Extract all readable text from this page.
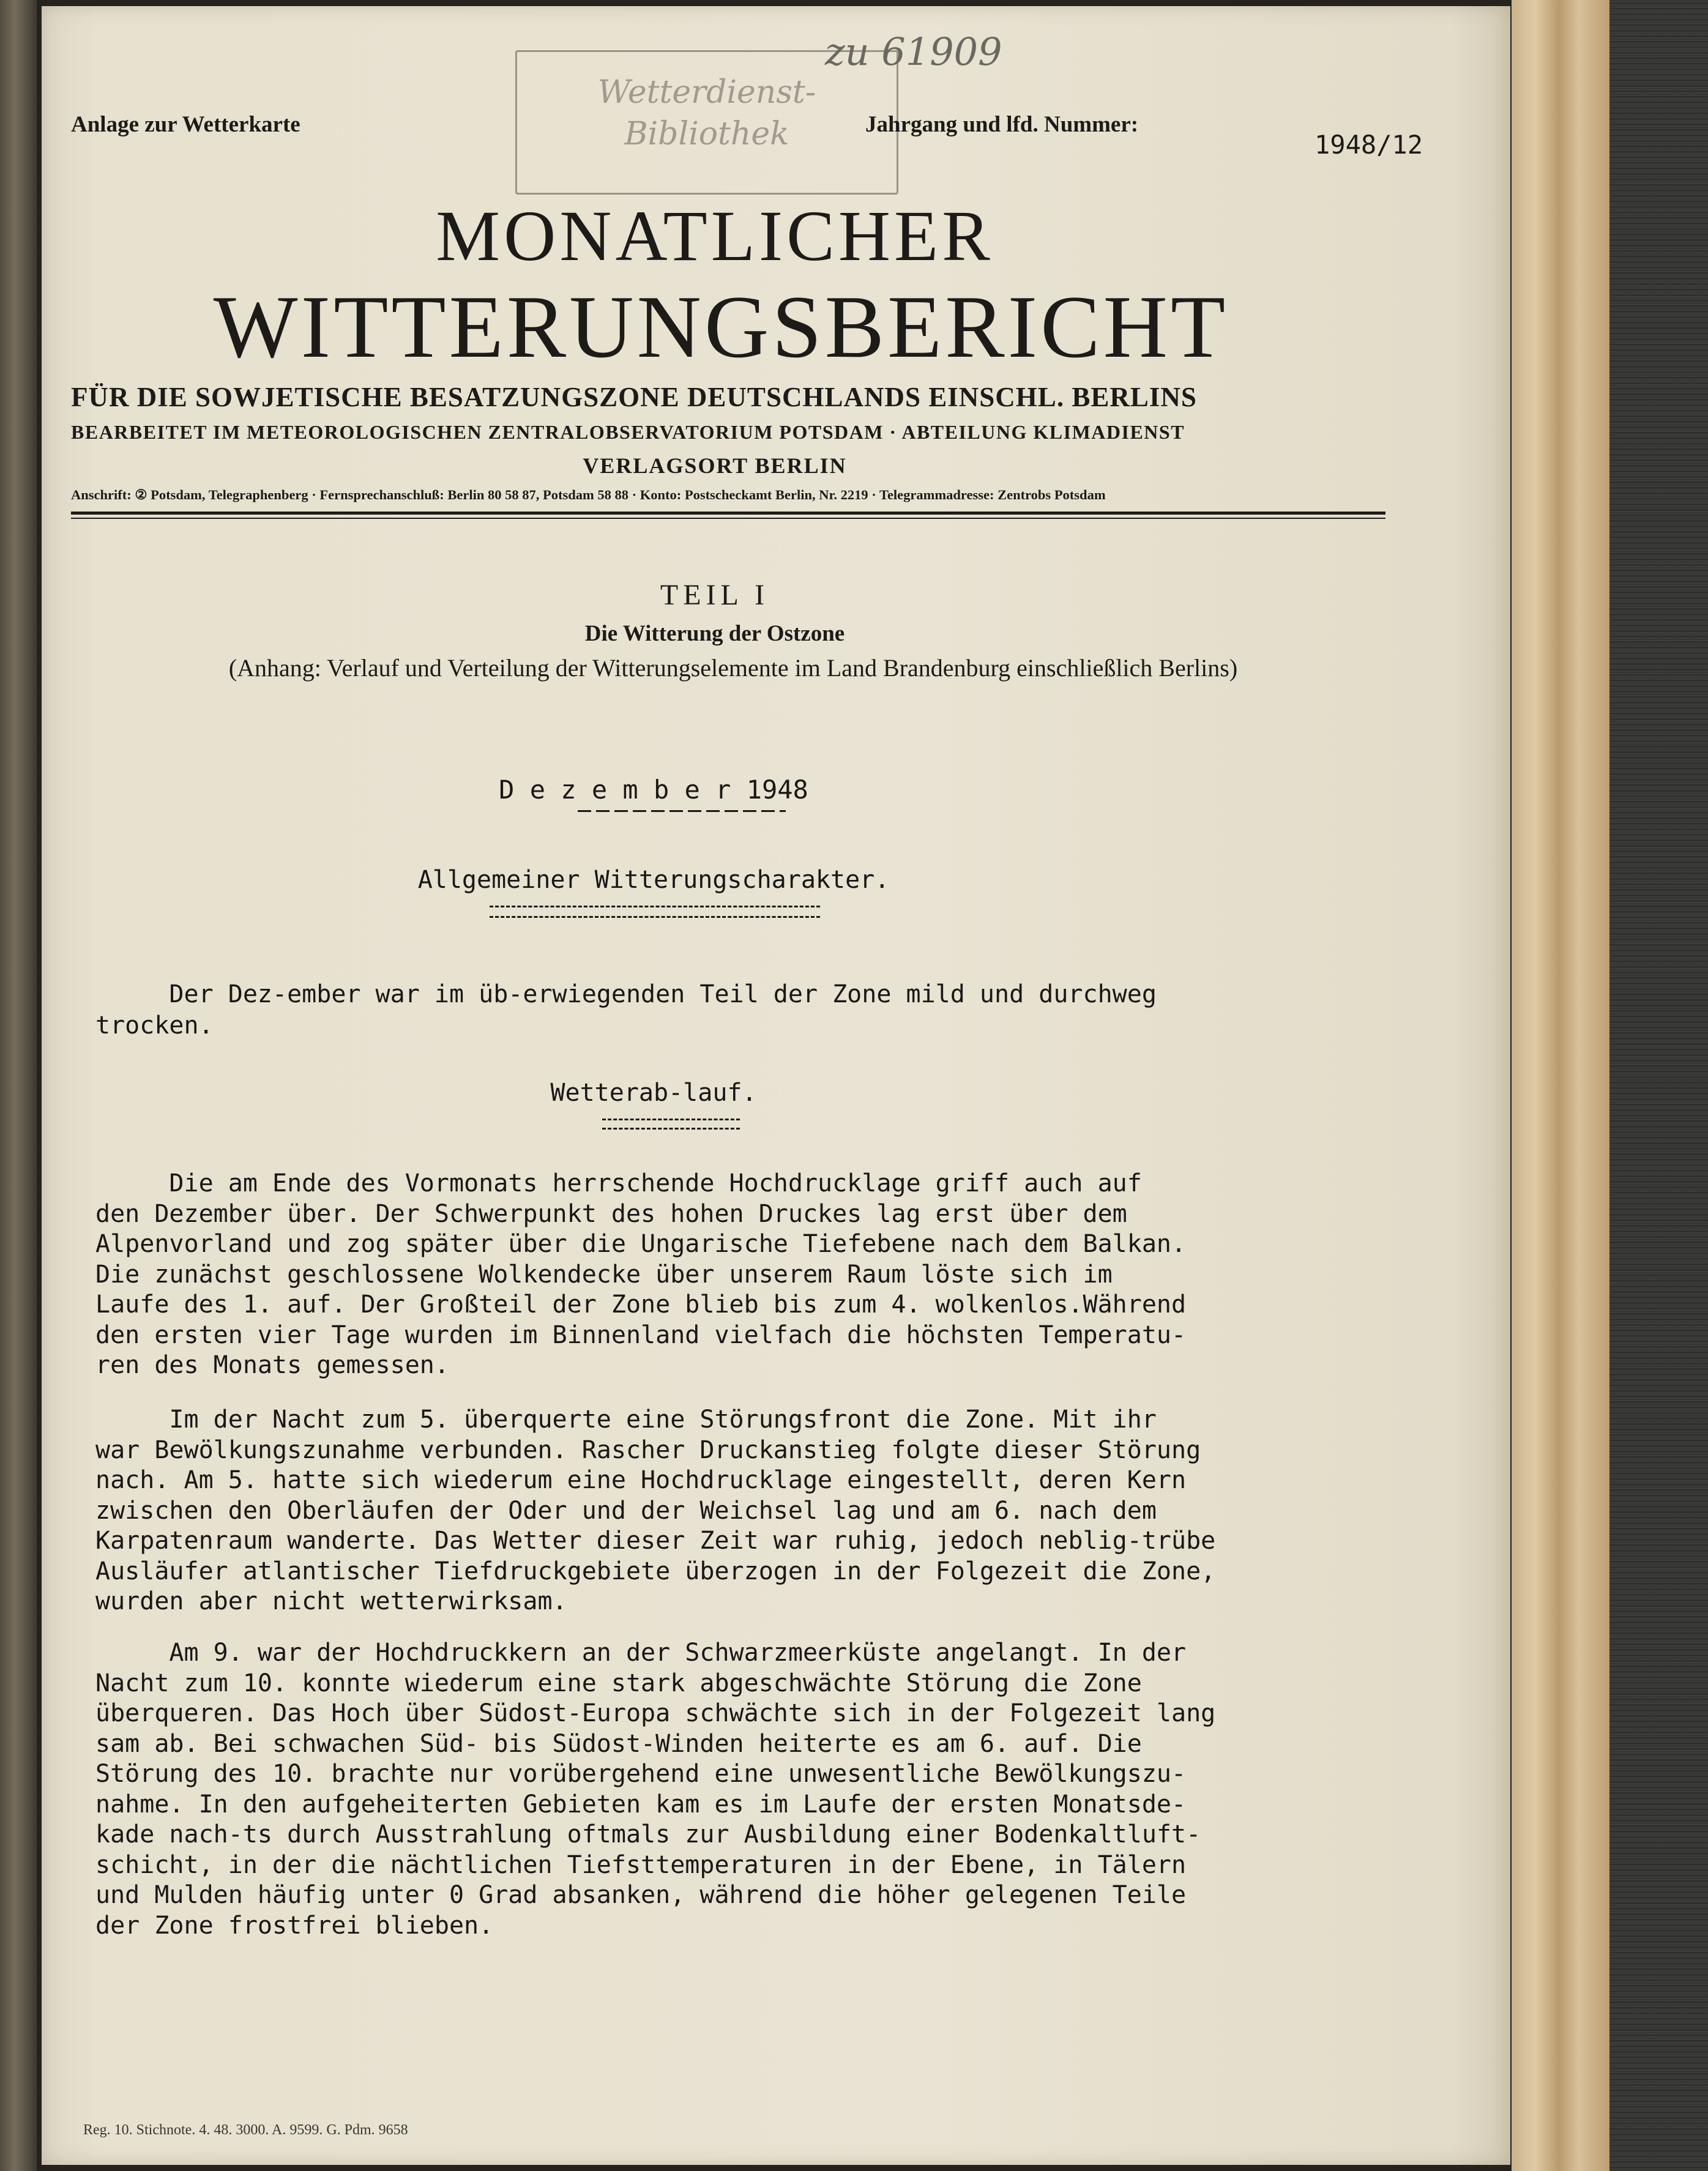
Wetterdienst-
Bibliothek
zu 61909
Anlage zur Wetterkarte	Jahrgang und lfd. Nummer:
1948/12
MONATLICHER
WITTERUNGSBERICHT
FÜR DIE SOWJETISCHE BESATZUNGSZONE DEUTSCHLANDS EINSCHL. BERLINS
BEARBEITET IM METEOROLOGISCHEN ZENTRALOBSERVATORIUM POTSDAM · ABTEILUNG KLIMADIENST
VERLAGSORT BERLIN
Anschrift: ② Potsdam, Telegraphenberg · Fernsprechanschluß: Berlin 80 58 87, Potsdam 58 88 · Konto: Postscheckamt Berlin, Nr. 2219 · Telegrammadresse: Zentrobs Potsdam
TEIL I
Die Witterung der Ostzone
(Anhang: Verlauf und Verteilung der Witterungselemente im Land Brandenburg einschließlich Berlins)
D e z e m b e r 1948
Allgemeiner Witterungscharakter.
Der Dez-ember war im üb-erwiegenden Teil der Zone mild und durchweg
trocken.
Wetterab-lauf.
Die am Ende des Vormonats herrschende Hochdrucklage griff auch auf
den Dezember über. Der Schwerpunkt des hohen Druckes lag erst über dem
Alpenvorland und zog später über die Ungarische Tiefebene nach dem Balkan.
Die zunächst geschlossene Wolkendecke über unserem Raum löste sich im
Laufe des 1. auf. Der Großteil der Zone blieb bis zum 4. wolkenlos.Während
den ersten vier Tage wurden im Binnenland vielfach die höchsten Temperatu-
ren des Monats gemessen.
Im der Nacht zum 5. überquerte eine Störungsfront die Zone. Mit ihr
war Bewölkungszunahme verbunden. Rascher Druckanstieg folgte dieser Störung
nach. Am 5. hatte sich wiederum eine Hochdrucklage eingestellt, deren Kern
zwischen den Oberläufen der Oder und der Weichsel lag und am 6. nach dem
Karpatenraum wanderte. Das Wetter dieser Zeit war ruhig, jedoch neblig-trübe
Ausläufer atlantischer Tiefdruckgebiete überzogen in der Folgezeit die Zone,
wurden aber nicht wetterwirksam.
Am 9. war der Hochdruckkern an der Schwarzmeerküste angelangt. In der
Nacht zum 10. konnte wiederum eine stark abgeschwächte Störung die Zone
überqueren. Das Hoch über Südost-Europa schwächte sich in der Folgezeit lang
sam ab. Bei schwachen Süd- bis Südost-Winden heiterte es am 6. auf. Die
Störung des 10. brachte nur vorübergehend eine unwesentliche Bewölkungszu-
nahme. In den aufgeheiterten Gebieten kam es im Laufe der ersten Monatsde-
kade nach-ts durch Ausstrahlung oftmals zur Ausbildung einer Bodenkaltluft-
schicht, in der die nächtlichen Tiefsttemperaturen in der Ebene, in Tälern
und Mulden häufig unter 0 Grad absanken, während die höher gelegenen Teile
der Zone frostfrei blieben.
Reg. 10. Stichnote. 4. 48. 3000. A. 9599. G. Pdm. 9658
